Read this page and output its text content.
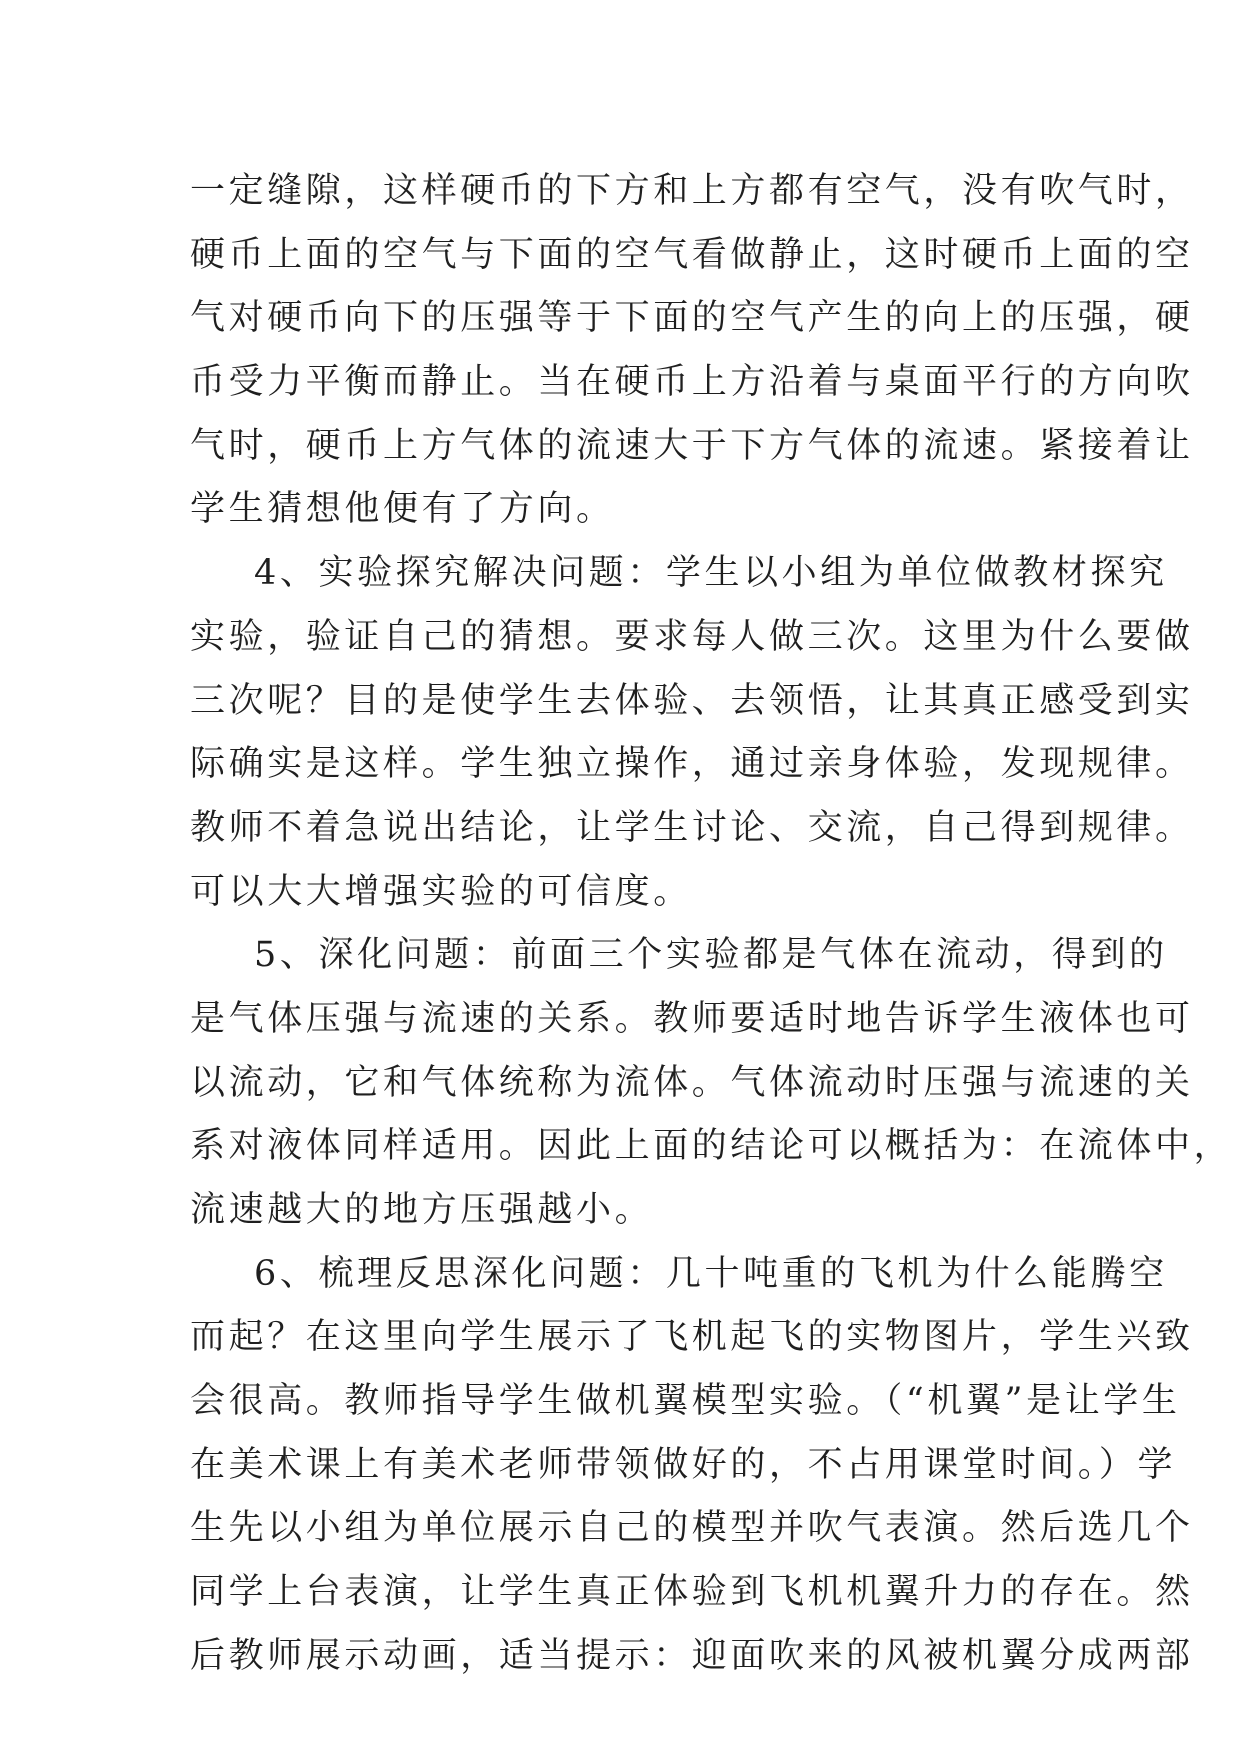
一定缝隙，这样硬币的下方和上方都有空气，没有吹气时，
硬币上面的空气与下面的空气看做静止，这时硬币上面的空
气对硬币向下的压强等于下面的空气产生的向上的压强，硬
币受力平衡而静止。当在硬币上方沿着与桌面平行的方向吹
气时，硬币上方气体的流速大于下方气体的流速。紧接着让
学生猜想他便有了方向。
4、实验探究解决问题：学生以小组为单位做教材探究
实验，验证自己的猜想。要求每人做三次。这里为什么要做
三次呢？目的是使学生去体验、去领悟，让其真正感受到实
际确实是这样。学生独立操作，通过亲身体验，发现规律。
教师不着急说出结论，让学生讨论、交流，自己得到规律。
可以大大增强实验的可信度。
5、深化问题：前面三个实验都是气体在流动，得到的
是气体压强与流速的关系。教师要适时地告诉学生液体也可
以流动，它和气体统称为流体。气体流动时压强与流速的关
系对液体同样适用。因此上面的结论可以概括为：在流体中，
流速越大的地方压强越小。
6、梳理反思深化问题：几十吨重的飞机为什么能腾空
而起？在这里向学生展示了飞机起飞的实物图片，学生兴致
会很高。教师指导学生做机翼模型实验。（“机翼”是让学生
在美术课上有美术老师带领做好的，不占用课堂时间。）学
生先以小组为单位展示自己的模型并吹气表演。然后选几个
同学上台表演，让学生真正体验到飞机机翼升力的存在。然
后教师展示动画，适当提示：迎面吹来的风被机翼分成两部
